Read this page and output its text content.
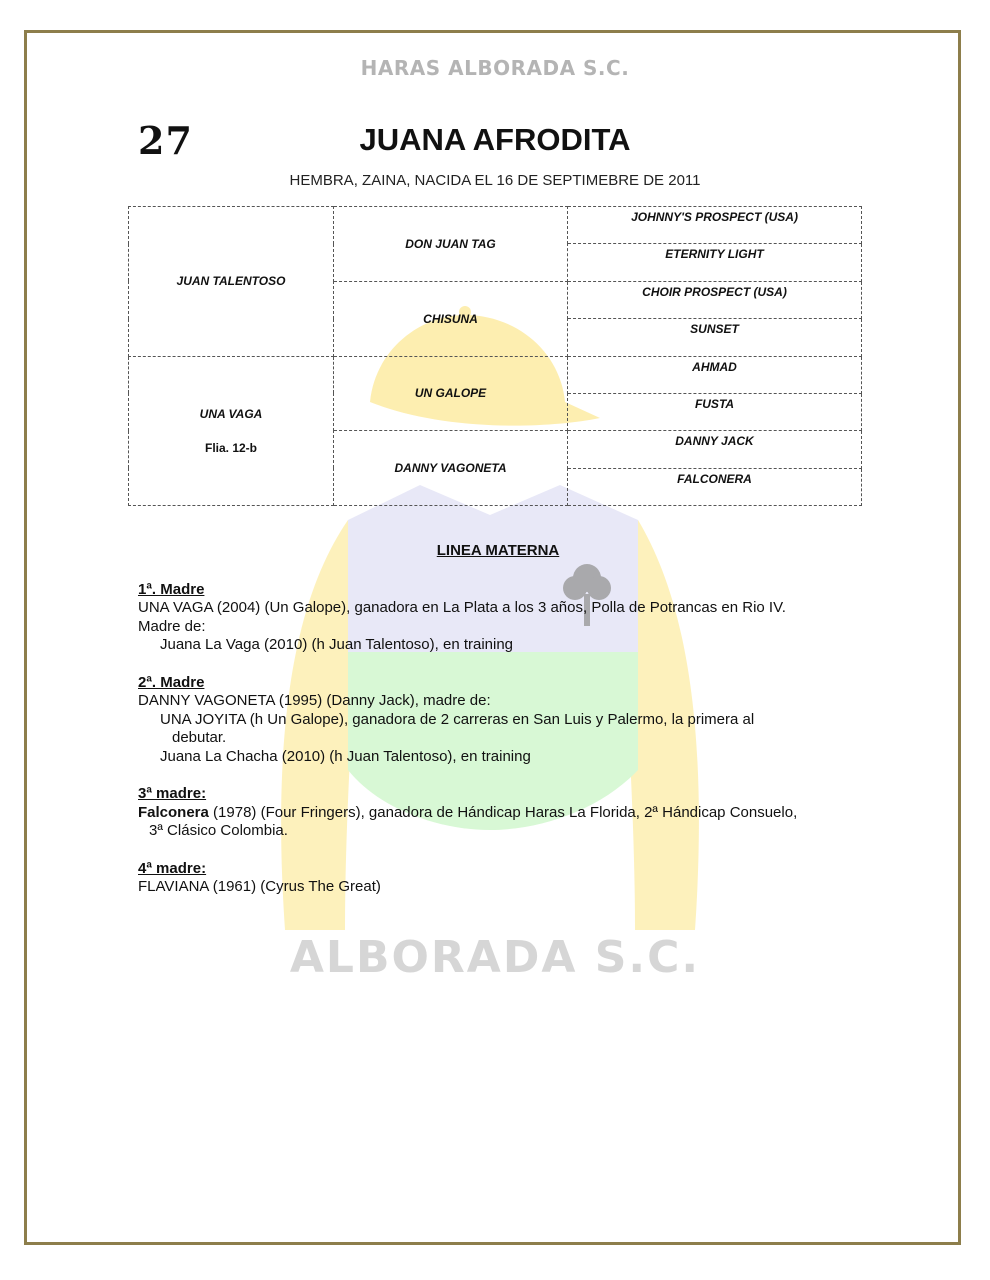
ALBORADA S.C.
HARAS ALBORADA S.C.
27	JUANA AFRODITA
HEMBRA, ZAINA, NACIDA EL 16 DE SEPTIMEBRE DE 2011
JUAN TALENTOSO	DON JUAN TAG	JOHNNY'S PROSPECT (USA)
		ETERNITY LIGHT
	CHISUNA	CHOIR PROSPECT (USA)
		SUNSET
UNA VAGA
Flia. 12-b	UN GALOPE	AHMAD
		FUSTA
	DANNY VAGONETA	DANNY JACK
		FALCONERA
LINEA MATERNA
1ª. Madre
UNA VAGA (2004) (Un Galope), ganadora en La Plata a los 3 años, Polla de Potrancas en Rio IV.
Madre de:
Juana La Vaga (2010) (h Juan Talentoso), en training
2ª. Madre
DANNY VAGONETA (1995) (Danny Jack), madre de:
UNA JOYITA (h Un Galope), ganadora de 2 carreras en San Luis y Palermo, la primera al
debutar.
Juana La Chacha (2010) (h Juan Talentoso), en training
3ª madre:
Falconera (1978) (Four Fringers), ganadora de Hándicap Haras La Florida, 2ª Hándicap Consuelo,
3ª Clásico Colombia.
4ª madre:
FLAVIANA (1961) (Cyrus The Great)
